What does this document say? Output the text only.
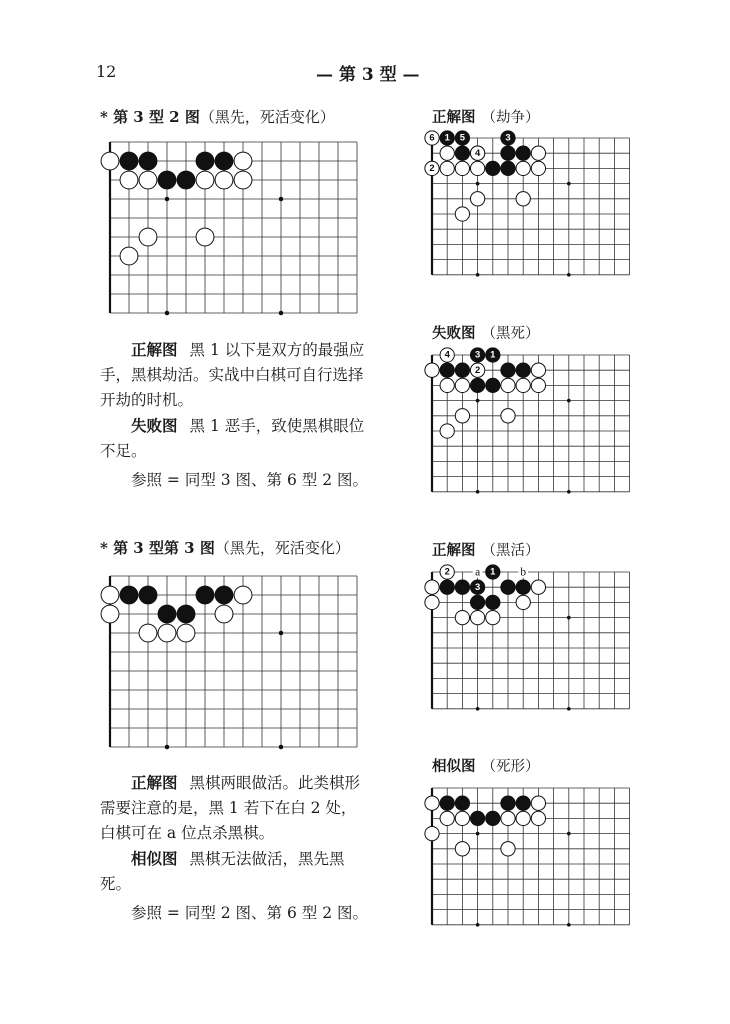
12	— 第 3 型 —
* 第 3 型 2 图（黑先，死活变化）

正解图 黑 1 以下是双方的最强应手，黑棋劫活。实战中白棋可自行选择开劫的时机。

失败图 黑 1 恶手，致使黑棋眼位不足。

参照 = 同型 3 图、第 6 型 2 图。

* 第 3 型第 3 图（黑先，死活变化）

正解图 黑棋两眼做活。此类棋形需要注意的是，黑 1 若下在白 2 处，白棋可在 a 位点杀黑棋。

相似图 黑棋无法做活，黑先黑死。

参照 = 同型 2 图、第 6 型 2 图。

正解图 （劫争）
1 5	3
6
2
4
失败图 （黑死）
3 1
4
2
正解图 （黑活）
1
3
2 a	b
相似图 （死形）
